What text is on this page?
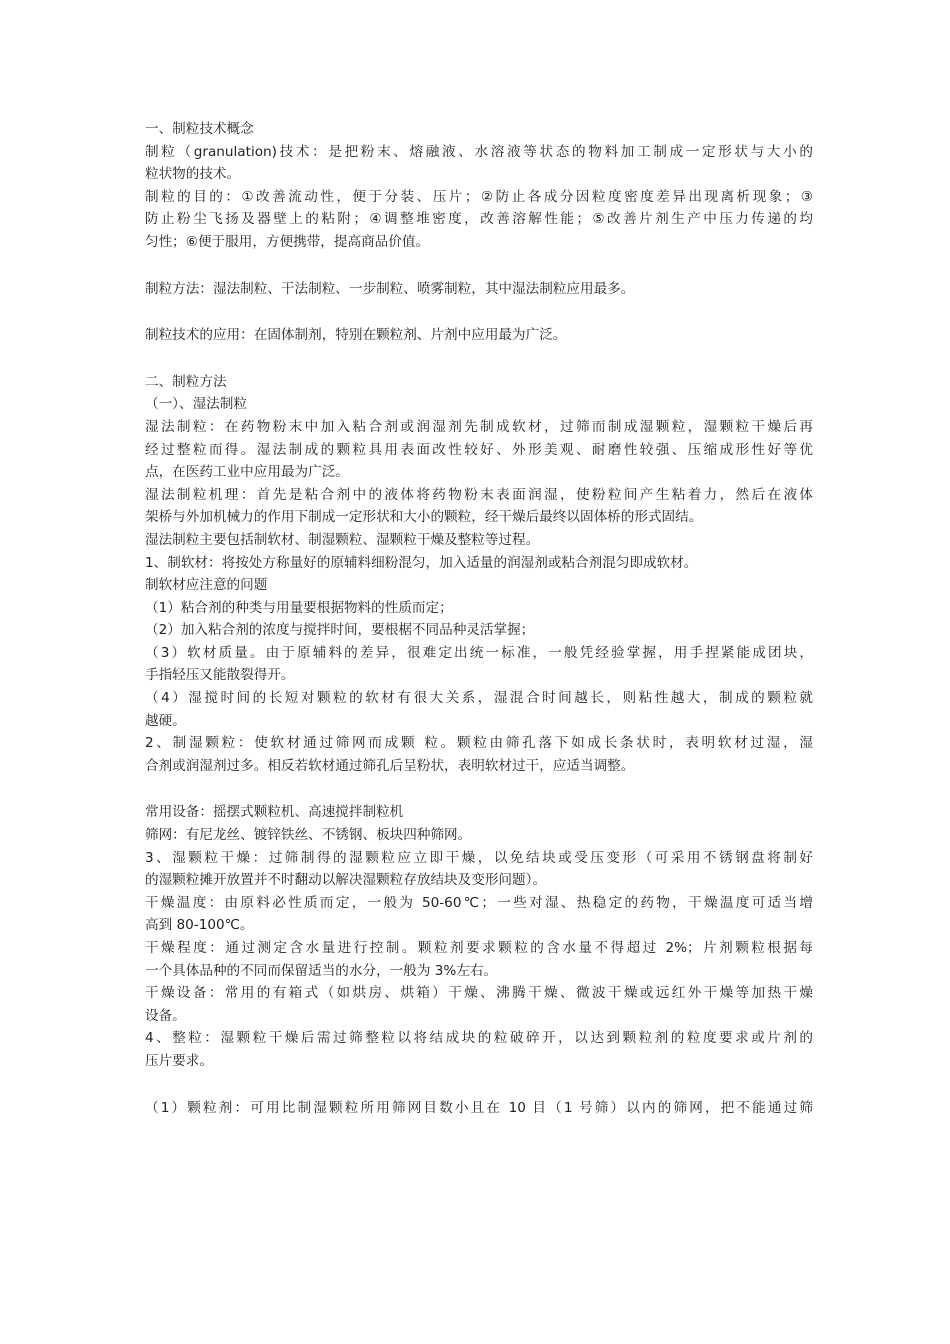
一、制粒技术概念
制粒（granulation)技术：是把粉末、熔融液、水溶液等状态的物料加工制成一定形状与大小的
粒状物的技术。
制粒的目的：①改善流动性，便于分装、压片；②防止各成分因粒度密度差异出现离析现象；③
防止粉尘飞扬及器壁上的粘附；④调整堆密度，改善溶解性能；⑤改善片剂生产中压力传递的均
匀性；⑥便于服用，方便携带，提高商品价值。
制粒方法：湿法制粒、干法制粒、一步制粒、喷雾制粒，其中湿法制粒应用最多。
制粒技术的应用：在固体制剂，特别在颗粒剂、片剂中应用最为广泛。
二、制粒方法
（一）、湿法制粒
湿法制粒：在药物粉末中加入粘合剂或润湿剂先制成软材，过筛而制成湿颗粒，湿颗粒干燥后再
经过整粒而得。湿法制成的颗粒具用表面改性较好、外形美观、耐磨性较强、压缩成形性好等优
点，在医药工业中应用最为广泛。
湿法制粒机理：首先是粘合剂中的液体将药物粉末表面润湿，使粉粒间产生粘着力，然后在液体
架桥与外加机械力的作用下制成一定形状和大小的颗粒，经干燥后最终以固体桥的形式固结。
湿法制粒主要包括制软材、制湿颗粒、湿颗粒干燥及整粒等过程。
1、制软材：将按处方称量好的原辅料细粉混匀，加入适量的润湿剂或粘合剂混匀即成软材。
制软材应注意的问题
（1）粘合剂的种类与用量要根据物料的性质而定；
（2）加入粘合剂的浓度与搅拌时间，要根椐不同品种灵活掌握；
（3）软材质量。由于原辅料的差异，很难定出统一标准，一般凭经验掌握，用手捏紧能成团块，
手指轻压又能散裂得开。
（4）湿搅时间的长短对颗粒的软材有很大关系，湿混合时间越长，则粘性越大，制成的颗粒就
越硬。
2、制湿颗粒：使软材通过筛网而成颗 粒。颗粒由筛孔落下如成长条状时，表明软材过湿，湿
合剂或润湿剂过多。相反若软材通过筛孔后呈粉状，表明软材过干，应适当调整。
常用设备：摇摆式颗粒机、高速搅拌制粒机
筛网：有尼龙丝、镀锌铁丝、不锈钢、板块四种筛网。
3、湿颗粒干燥：过筛制得的湿颗粒应立即干燥，以免结块或受压变形（可采用不锈钢盘将制好
的湿颗粒摊开放置并不时翻动以解决湿颗粒存放结块及变形问题）。
干燥温度：由原料必性质而定，一般为 50-60℃；一些对湿、热稳定的药物，干燥温度可适当增
高到 80-100℃。
干燥程度：通过测定含水量进行控制。颗粒剂要求颗粒的含水量不得超过 2%；片剂颗粒根据每
一个具体品种的不同而保留适当的水分，一般为 3%左右。
干燥设备：常用的有箱式（如烘房、烘箱）干燥、沸腾干燥、微波干燥或远红外干燥等加热干燥
设备。
4、整粒：湿颗粒干燥后需过筛整粒以将结成块的粒破碎开，以达到颗粒剂的粒度要求或片剂的
压片要求。
（1）颗粒剂：可用比制湿颗粒所用筛网目数小且在 10 目（1 号筛）以内的筛网，把不能通过筛
